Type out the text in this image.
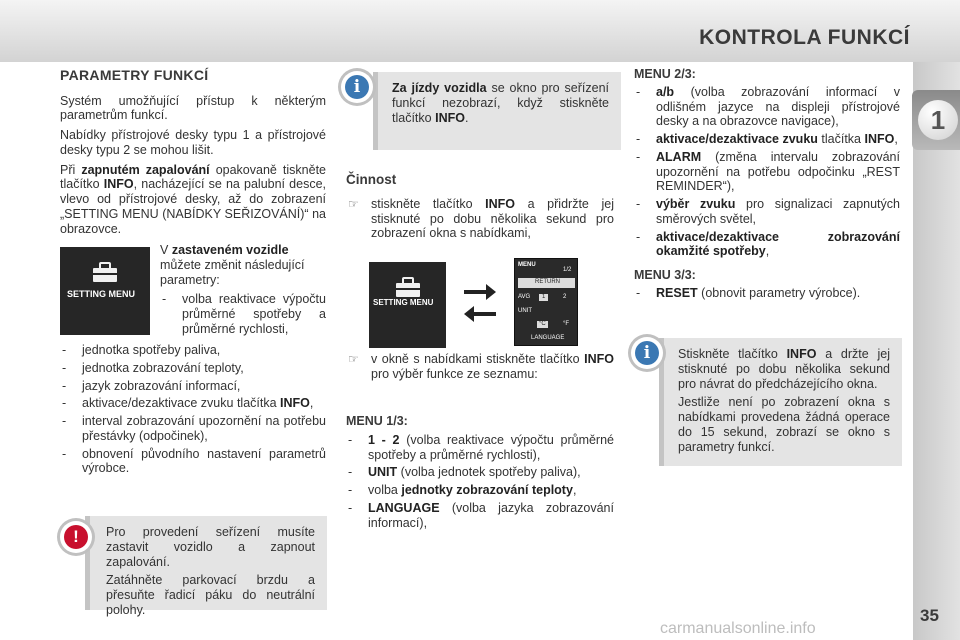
KONTROLA FUNKCÍ
1
35
PARAMETRY FUNKCÍ

Systém umožňující přístup k některým parametrům funkcí.

Nabídky přístrojové desky typu 1 a přístrojové desky typu 2 se mohou lišit.

Při zapnutém zapalování opakovaně tiskněte tlačítko INFO, nacházející se na palubní desce, vlevo od přístrojové desky, až do zobrazení „SETTING MENU (NABÍDKY SEŘIZOVÁNÍ)“ na obrazovce.

SETTING MENU

V zastaveném vozidle můžete změnit následující parametry:

- volba reaktivace výpočtu průměrné spotřeby a průměrné rychlosti,
- jednotka spotřeby paliva,
- jednotka zobrazování teploty,
- jazyk zobrazování informací,
- aktivace/dezaktivace zvuku tlačítka INFO,
- interval zobrazování upozornění na potřebu přestávky (odpočinek),
- obnovení původního nastavení parametrů výrobce.

Pro provedení seřízení musíte zastavit vozidlo a zapnout zapalování.

Zatáhněte parkovací brzdu a přesuňte řadicí páku do neutrální polohy.

!

Za jízdy vozidla se okno pro seřízení funkcí nezobrazí, když stiskněte tlačítko INFO.

i
Činnost
☞ stiskněte tlačítko INFO a přidržte jej stisknuté po dobu několika sekund pro zobrazení okna s nabídkami,
SETTING MENU
MENU
1/2
RETURN
AVG	1	2
UNIT
°C	°F
LANGUAGE
☞ v okně s nabídkami stiskněte tlačítko INFO pro výběr funkce ze seznamu:
MENU 1/3:
- 1 - 2 (volba reaktivace výpočtu průměrné spotřeby a průměrné rychlosti),
- UNIT (volba jednotek spotřeby paliva),
- volba jednotky zobrazování teploty,
- LANGUAGE (volba jazyka zobrazování informací),
MENU 2/3:
- a/b (volba zobrazování informací v odlišném jazyce na displeji přístrojové desky a na obrazovce navigace),
- aktivace/dezaktivace zvuku tlačítka INFO,
- ALARM (změna intervalu zobrazování upozornění na potřebu odpočinku „REST REMINDER“),
- výběr zvuku pro signalizaci zapnutých směrových světel,
- aktivace/dezaktivace zobrazování okamžité spotřeby,
MENU 3/3:
- RESET (obnovit parametry výrobce).

Stiskněte tlačítko INFO a držte jej stisknuté po dobu několika sekund pro návrat do předcházejícího okna.

Jestliže není po zobrazení okna s nabídkami provedena žádná operace do 15 sekund, zobrazí se okno s parametry funkcí.

i
carmanualsonline.info
